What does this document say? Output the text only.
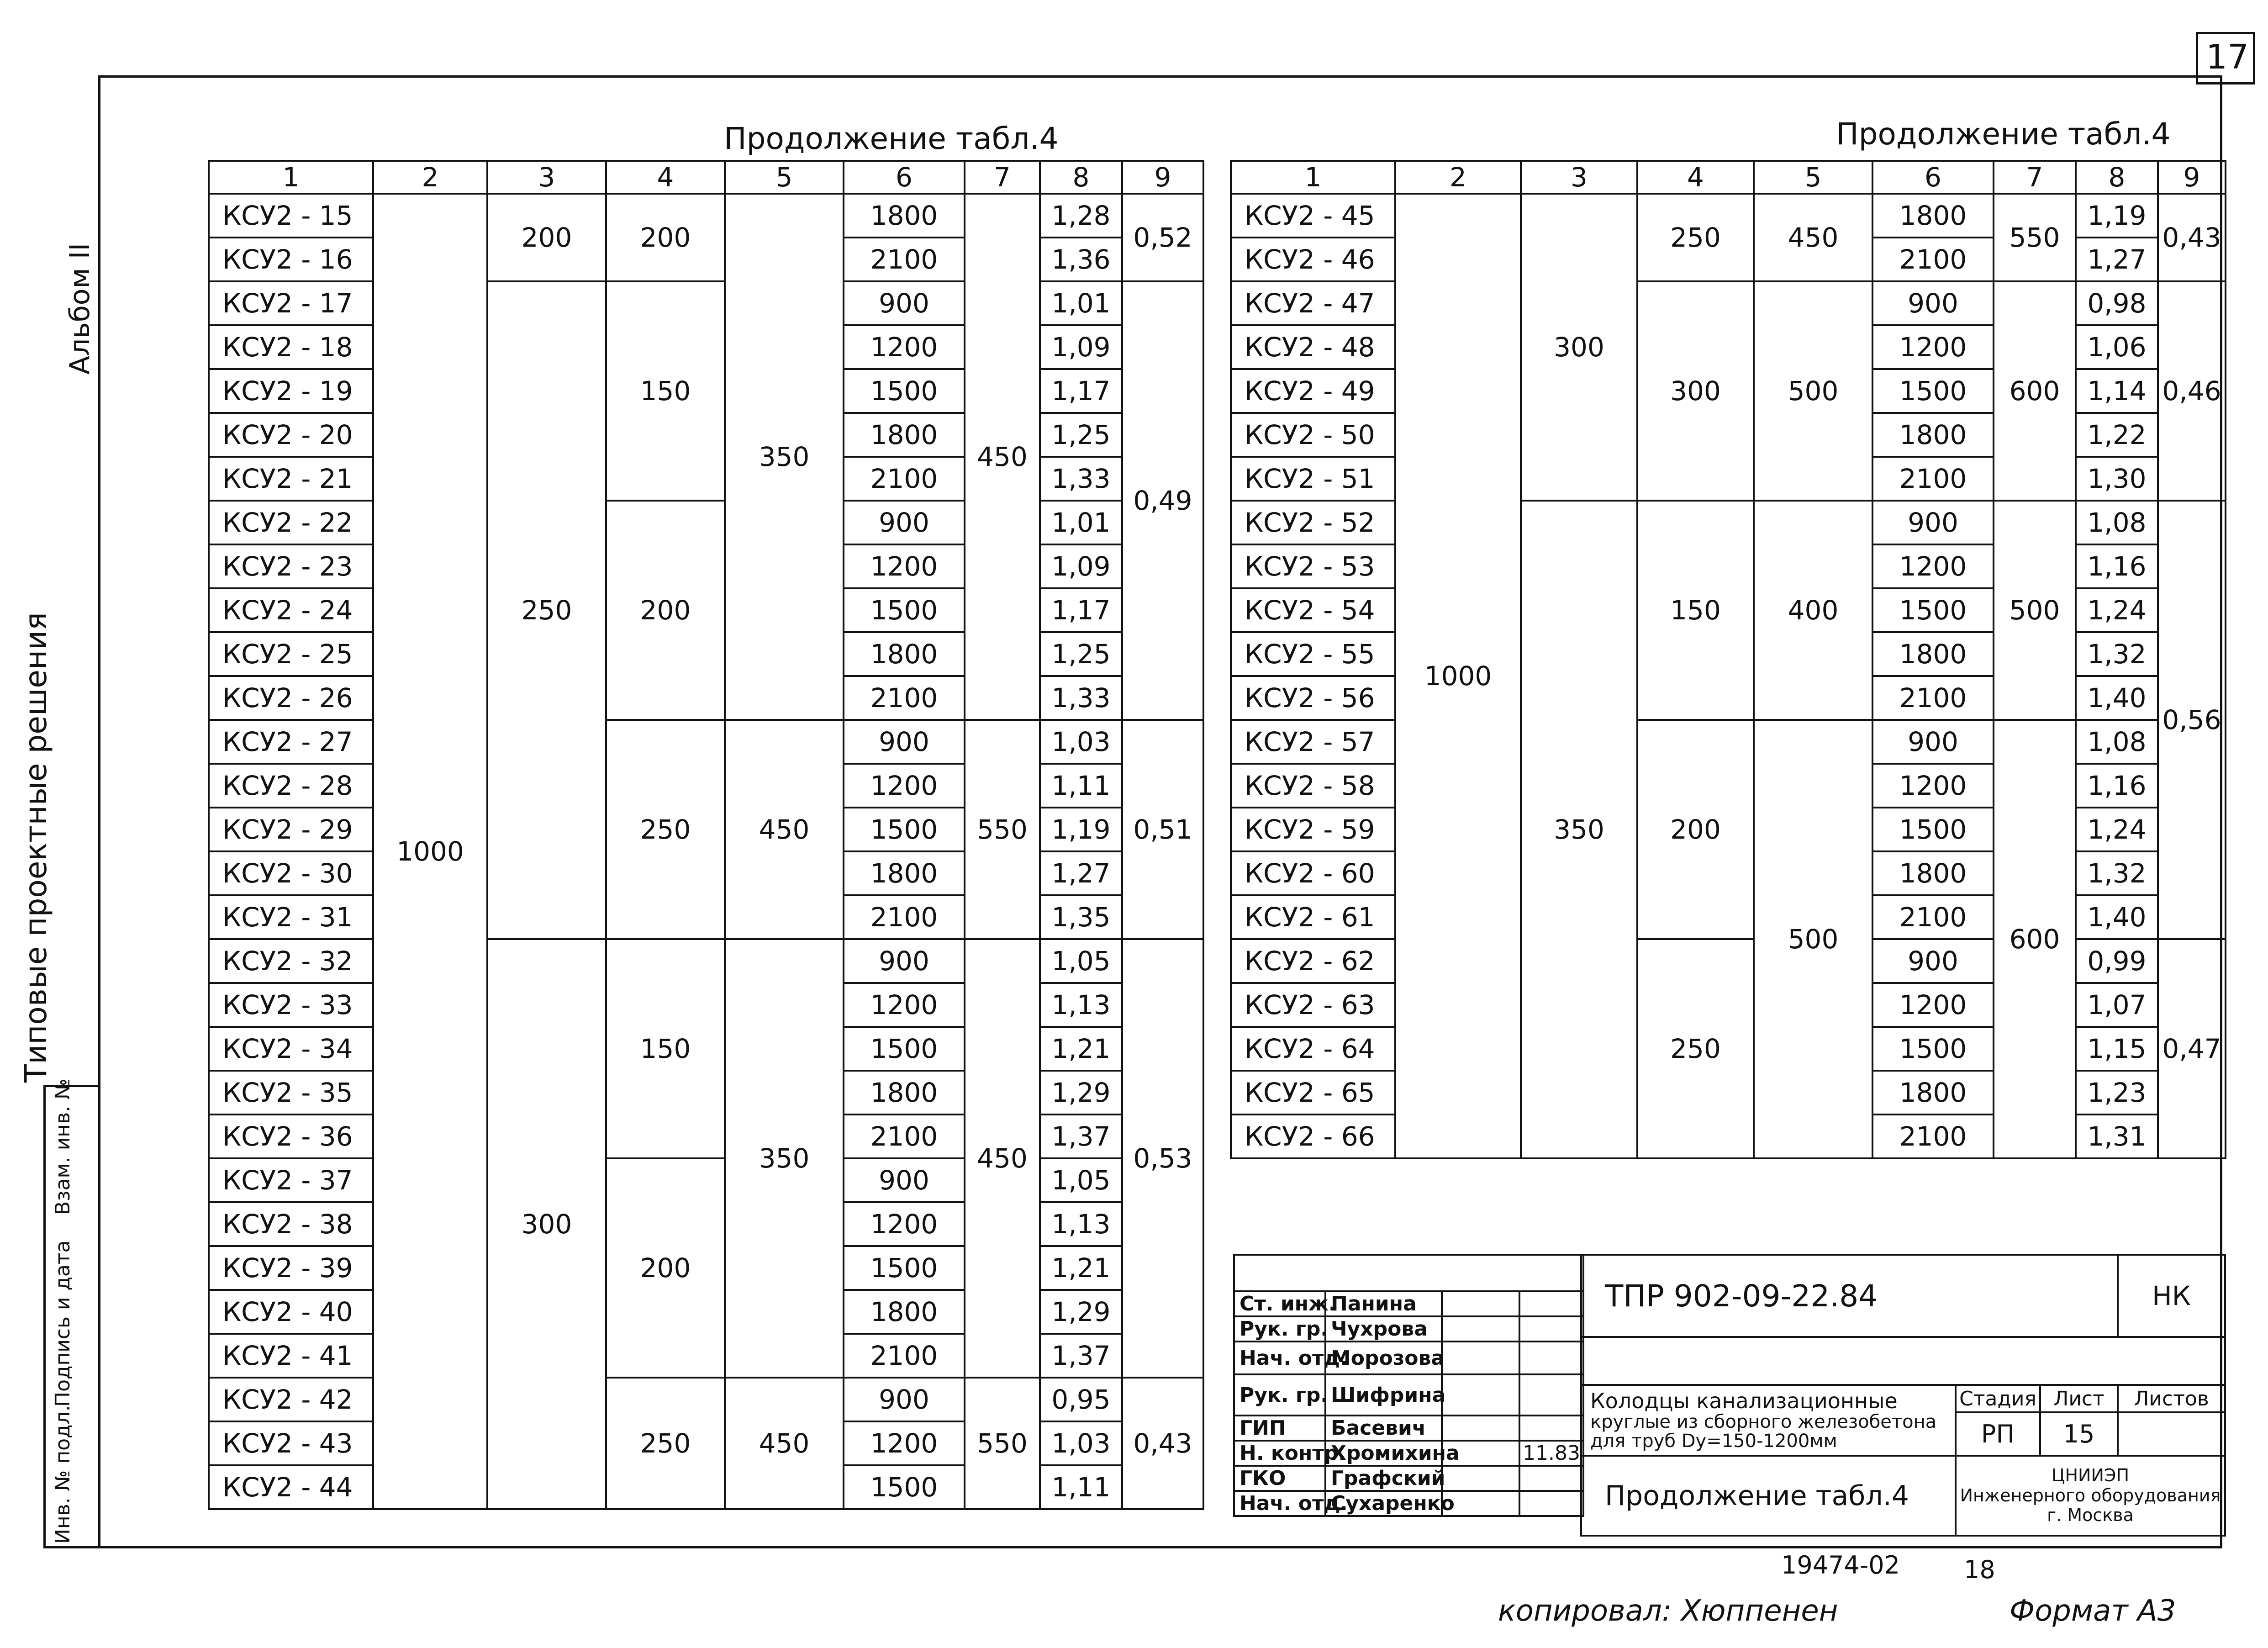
17
Альбом II
Типовые проектные решения
Инв. № подл.
Подпись и дата
Взам. инв. №
Продолжение табл.4	Продолжение табл.4
1	2	3	4	5	6	7	8	9
КСУ2 - 15	1000	200	200	350	1800	450	1,28	0,52
КСУ2 - 16					2100		1,36	
КСУ2 - 17		250	150		900		1,01	0,49
КСУ2 - 18					1200		1,09	
КСУ2 - 19					1500		1,17	
КСУ2 - 20					1800		1,25	
КСУ2 - 21					2100		1,33	
КСУ2 - 22			200		900		1,01	
КСУ2 - 23					1200		1,09	
КСУ2 - 24					1500		1,17	
КСУ2 - 25					1800		1,25	
КСУ2 - 26					2100		1,33	
КСУ2 - 27			250	450	900	550	1,03	0,51
КСУ2 - 28					1200		1,11	
КСУ2 - 29					1500		1,19	
КСУ2 - 30					1800		1,27	
КСУ2 - 31					2100		1,35	
КСУ2 - 32		300	150	350	900	450	1,05	0,53
КСУ2 - 33					1200		1,13	
КСУ2 - 34					1500		1,21	
КСУ2 - 35					1800		1,29	
КСУ2 - 36					2100		1,37	
КСУ2 - 37			200		900		1,05	
КСУ2 - 38					1200		1,13	
КСУ2 - 39					1500		1,21	
КСУ2 - 40					1800		1,29	
КСУ2 - 41					2100		1,37	
КСУ2 - 42			250	450	900	550	0,95	0,43
КСУ2 - 43					1200		1,03	
КСУ2 - 44					1500		1,11	
1	2	3	4	5	6	7	8	9
КСУ2 - 45	1000	300	250	450	1800	550	1,19	0,43
КСУ2 - 46					2100		1,27	
КСУ2 - 47			300	500	900	600	0,98	0,46
КСУ2 - 48					1200		1,06	
КСУ2 - 49					1500		1,14	
КСУ2 - 50					1800		1,22	
КСУ2 - 51					2100		1,30	
КСУ2 - 52		350	150	400	900	500	1,08	0,56
КСУ2 - 53					1200		1,16	
КСУ2 - 54					1500		1,24	
КСУ2 - 55					1800		1,32	
КСУ2 - 56					2100		1,40	
КСУ2 - 57			200	500	900	600	1,08	
КСУ2 - 58					1200		1,16	
КСУ2 - 59					1500		1,24	
КСУ2 - 60					1800		1,32	
КСУ2 - 61					2100		1,40	
КСУ2 - 62			250		900		0,99	0,47
КСУ2 - 63					1200		1,07	
КСУ2 - 64					1500		1,15	
КСУ2 - 65					1800		1,23	
КСУ2 - 66					2100		1,31	

Ст. инж.	Панина		
Рук. гр.	Чухрова		
Нач. отд.	Морозова		
Рук. гр.	Шифрина		
ГИП	Басевич		
Н. контр.	Хромихина		11.83
ГКО	Графский		
Нач. отд.	Сухаренко		
ТПР 902-09-22.84			НК

Колодцы канализационные
круглые из сборного железобетона
для труб Dу=150-1200мм	Стадия	Лист	Листов
	РП	15	
Продолжение табл.4	ЦНИИЭП
Инженерного оборудования
г. Москва		
19474-02	18
копировал: Хюппенен	Формат А3
